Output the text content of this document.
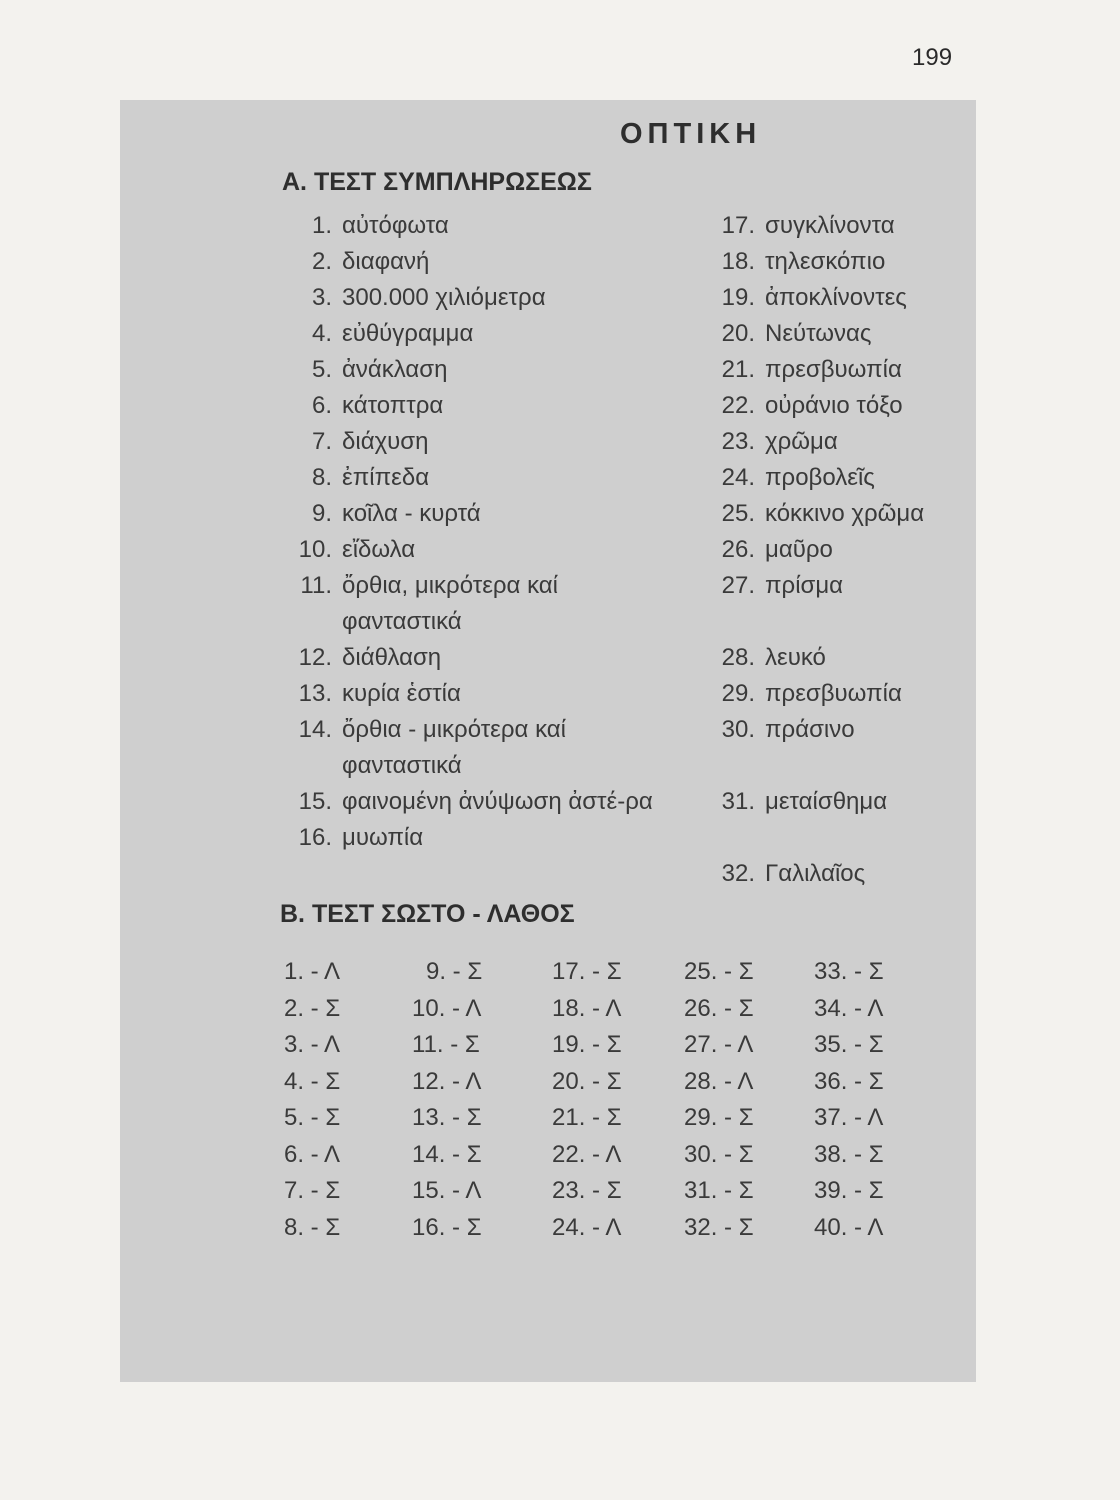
199
ΟΠΤΙΚΗ
Α. ΤΕΣΤ ΣΥΜΠΛΗΡΩΣΕΩΣ
1. αὐτόφωτα
2. διαφανή
3. 300.000 χιλιόμετρα
4. εὐθύγραμμα
5. ἀνάκλαση
6. κάτοπτρα
7. διάχυση
8. ἐπίπεδα
9. κοῖλα - κυρτά
10. εἴδωλα
11. ὄρθια, μικρότερα καί φανταστικά
12. διάθλαση
13. κυρία ἑστία
14. ὄρθια - μικρότερα καί φανταστικά
15. φαινομένη ἀνύψωση ἀστέ-ρα
16. μυωπία
17. συγκλίνοντα
18. τηλεσκόπιο
19. ἀποκλίνοντες
20. Νεύτωνας
21. πρεσβυωπία
22. οὐράνιο τόξο
23. χρῶμα
24. προβολεῖς
25. κόκκινο χρῶμα
26. μαῦρο
27. πρίσμα
28. λευκό
29. πρεσβυωπία
30. πράσινο
31. μεταίσθημα
32. Γαλιλαῖος
Β. ΤΕΣΤ ΣΩΣΤΟ - ΛΑΘΟΣ
1. - Λ
2. - Σ
3. - Λ
4. - Σ
5. - Σ
6. - Λ
7. - Σ
8. - Σ
9. - Σ
10. - Λ
11. - Σ
12. - Λ
13. - Σ
14. - Σ
15. - Λ
16. - Σ
17. - Σ
18. - Λ
19. - Σ
20. - Σ
21. - Σ
22. - Λ
23. - Σ
24. - Λ
25. - Σ
26. - Σ
27. - Λ
28. - Λ
29. - Σ
30. - Σ
31. - Σ
32. - Σ
33. - Σ
34. - Λ
35. - Σ
36. - Σ
37. - Λ
38. - Σ
39. - Σ
40. - Λ
